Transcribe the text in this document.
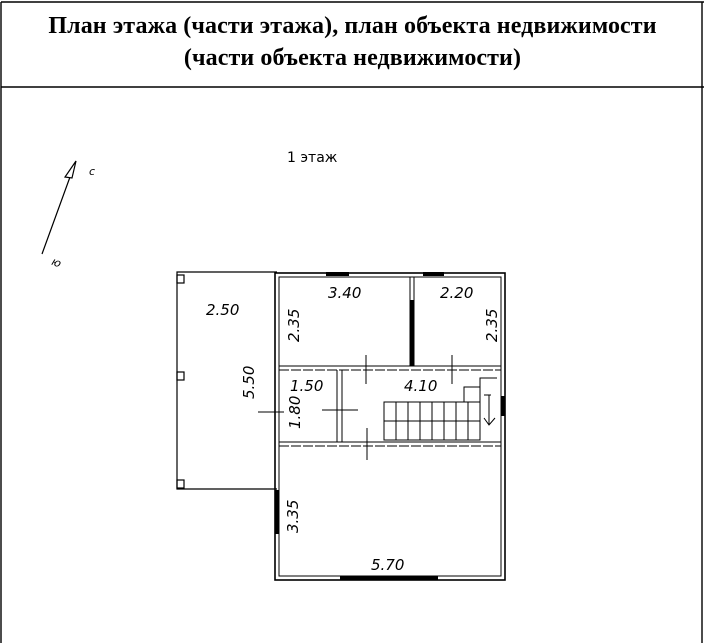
с
ю
1 этаж
2.50
5.50
3.40
2.35
2.20
2.35
1.50
1.80
4.10
3.35
5.70
План этажа (части этажа), план объекта недвижимости
(части объекта недвижимости)
